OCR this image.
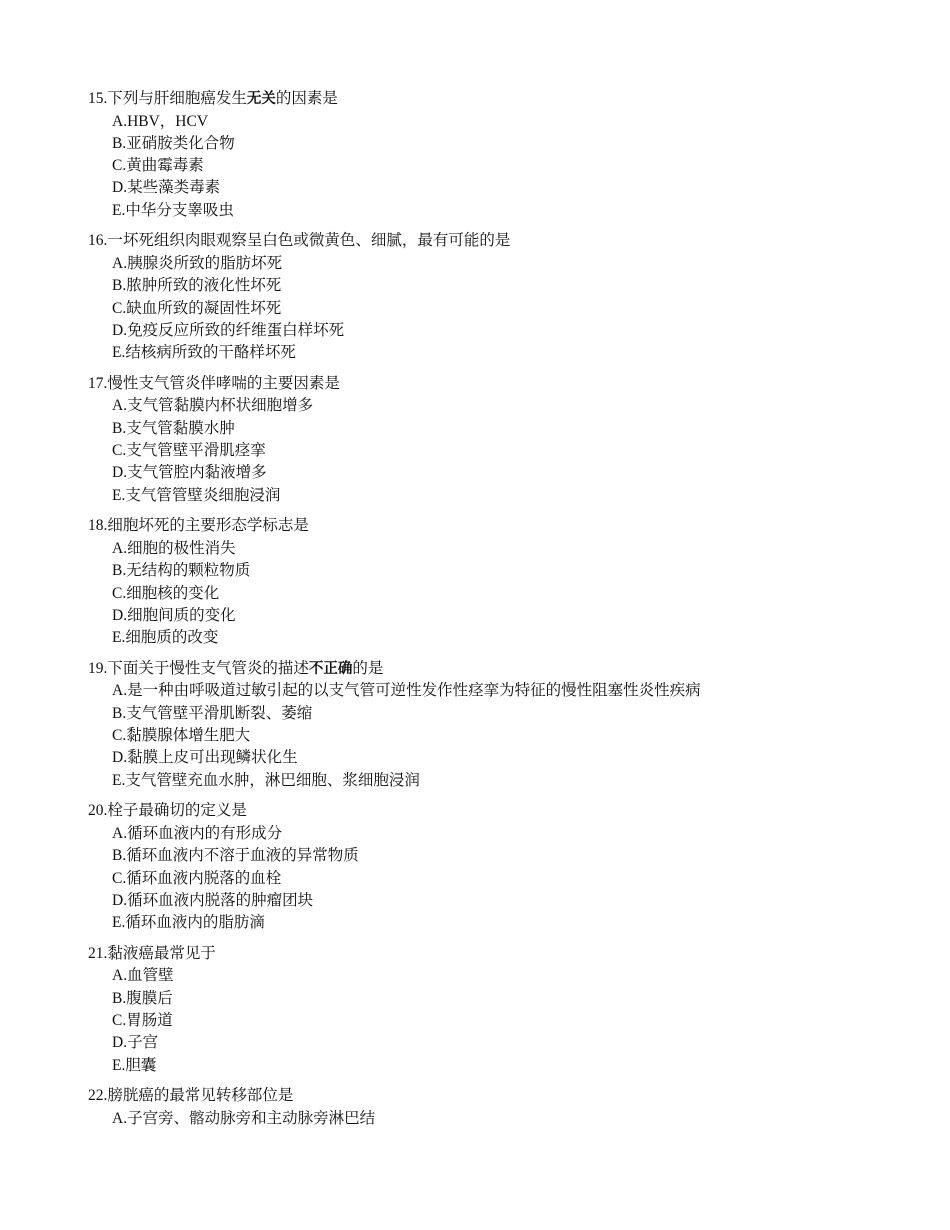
15.下列与肝细胞癌发生无关的因素是
A.HBV，HCV
B.亚硝胺类化合物
C.黄曲霉毒素
D.某些藻类毒素
E.中华分支睾吸虫
16.一坏死组织肉眼观察呈白色或微黄色、细腻，最有可能的是
A.胰腺炎所致的脂肪坏死
B.脓肿所致的液化性坏死
C.缺血所致的凝固性坏死
D.免疫反应所致的纤维蛋白样坏死
E.结核病所致的干酪样坏死
17.慢性支气管炎伴哮喘的主要因素是
A.支气管黏膜内杯状细胞增多
B.支气管黏膜水肿
C.支气管壁平滑肌痉挛
D.支气管腔内黏液增多
E.支气管管壁炎细胞浸润
18.细胞坏死的主要形态学标志是
A.细胞的极性消失
B.无结构的颗粒物质
C.细胞核的变化
D.细胞间质的变化
E.细胞质的改变
19.下面关于慢性支气管炎的描述不正确的是
A.是一种由呼吸道过敏引起的以支气管可逆性发作性痉挛为特征的慢性阻塞性炎性疾病
B.支气管壁平滑肌断裂、萎缩
C.黏膜腺体增生肥大
D.黏膜上皮可出现鳞状化生
E.支气管壁充血水肿，淋巴细胞、浆细胞浸润
20.栓子最确切的定义是
A.循环血液内的有形成分
B.循环血液内不溶于血液的异常物质
C.循环血液内脱落的血栓
D.循环血液内脱落的肿瘤团块
E.循环血液内的脂肪滴
21.黏液癌最常见于
A.血管壁
B.腹膜后
C.胃肠道
D.子宫
E.胆囊
22.膀胱癌的最常见转移部位是
A.子宫旁、髂动脉旁和主动脉旁淋巴结
